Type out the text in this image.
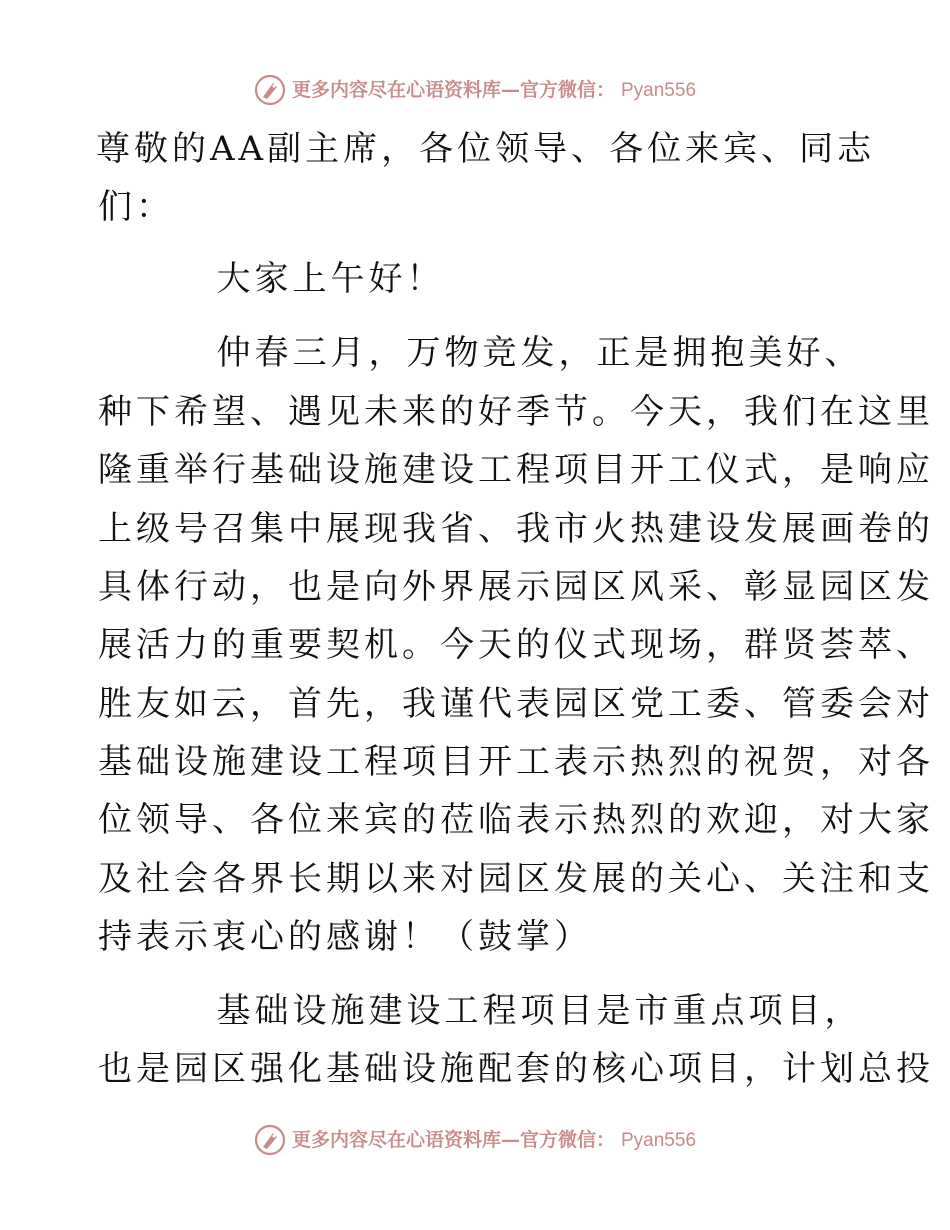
更多内容尽在心语资料库—官方微信： Pyan556
尊敬的AA副主席，各位领导、各位来宾、同志
们：
大家上午好！
仲春三月，万物竞发，正是拥抱美好、
种下希望、遇见未来的好季节。今天，我们在这里
隆重举行基础设施建设工程项目开工仪式，是响应
上级号召集中展现我省、我市火热建设发展画卷的
具体行动，也是向外界展示园区风采、彰显园区发
展活力的重要契机。今天的仪式现场，群贤荟萃、
胜友如云，首先，我谨代表园区党工委、管委会对
基础设施建设工程项目开工表示热烈的祝贺，对各
位领导、各位来宾的莅临表示热烈的欢迎，对大家
及社会各界长期以来对园区发展的关心、关注和支
持表示衷心的感谢！（鼓掌）
基础设施建设工程项目是市重点项目，
也是园区强化基础设施配套的核心项目，计划总投
更多内容尽在心语资料库—官方微信： Pyan556
